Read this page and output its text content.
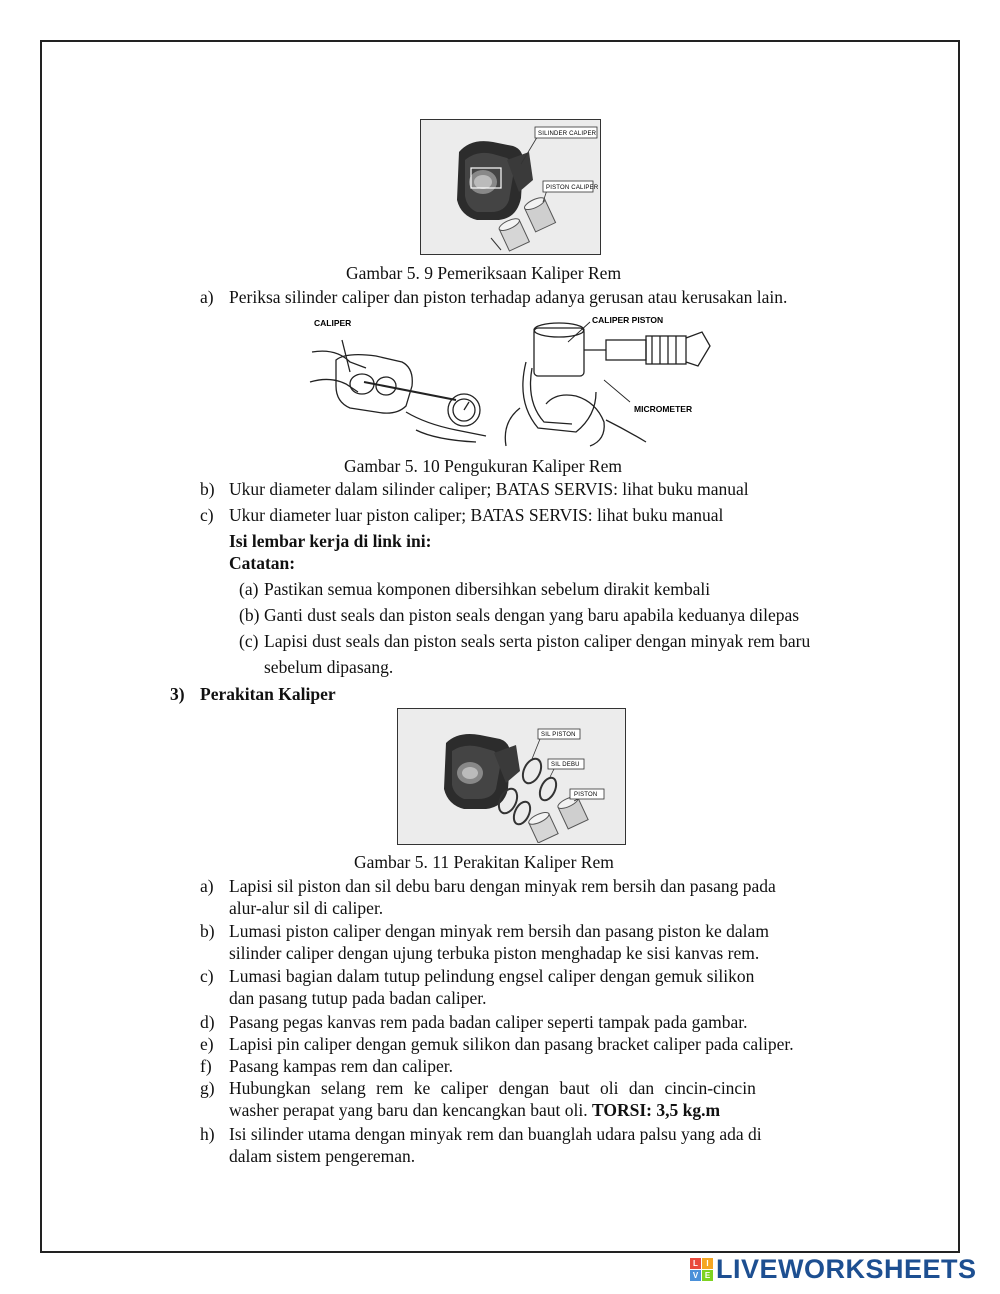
SILINDER CALIPER
PISTON CALIPER
Gambar 5. 9 Pemeriksaan Kaliper Rem
a) Periksa silinder caliper dan piston terhadap adanya gerusan atau kerusakan lain.
CALIPER	CALIPER PISTON
MICROMETER
Gambar 5. 10 Pengukuran Kaliper Rem
b) Ukur diameter dalam silinder caliper; BATAS SERVIS: lihat buku manual
c) Ukur diameter luar piston caliper; BATAS SERVIS: lihat buku manual
Isi lembar kerja di link ini:
Catatan:
(a) Pastikan semua komponen dibersihkan sebelum dirakit kembali
(b) Ganti dust seals dan piston seals dengan yang baru apabila keduanya dilepas
(c) Lapisi dust seals dan piston seals serta piston caliper dengan minyak rem baru
sebelum dipasang.
3) Perakitan Kaliper
SIL PISTON
SIL DEBU
PISTON
Gambar 5. 11 Perakitan Kaliper Rem
a) Lapisi sil piston dan sil debu baru dengan minyak rem bersih dan pasang pada
alur-alur sil di caliper.
b) Lumasi piston caliper dengan minyak rem bersih dan pasang piston ke dalam
silinder caliper dengan ujung terbuka piston menghadap ke sisi kanvas rem.
c) Lumasi bagian dalam tutup pelindung engsel caliper dengan gemuk silikon
dan pasang tutup pada badan caliper.
d) Pasang pegas kanvas rem pada badan caliper seperti tampak pada gambar.
e) Lapisi pin caliper dengan gemuk silikon dan pasang bracket caliper pada caliper.
f) Pasang kampas rem dan caliper.
g) Hubungkan selang rem ke caliper dengan baut oli dan cincin-cincin
washer perapat yang baru dan kencangkan baut oli. TORSI: 3,5 kg.m
h) Isi silinder utama dengan minyak rem dan buanglah udara palsu yang ada di
dalam sistem pengereman.
L	I
V E LIVEWORKSHEETS
